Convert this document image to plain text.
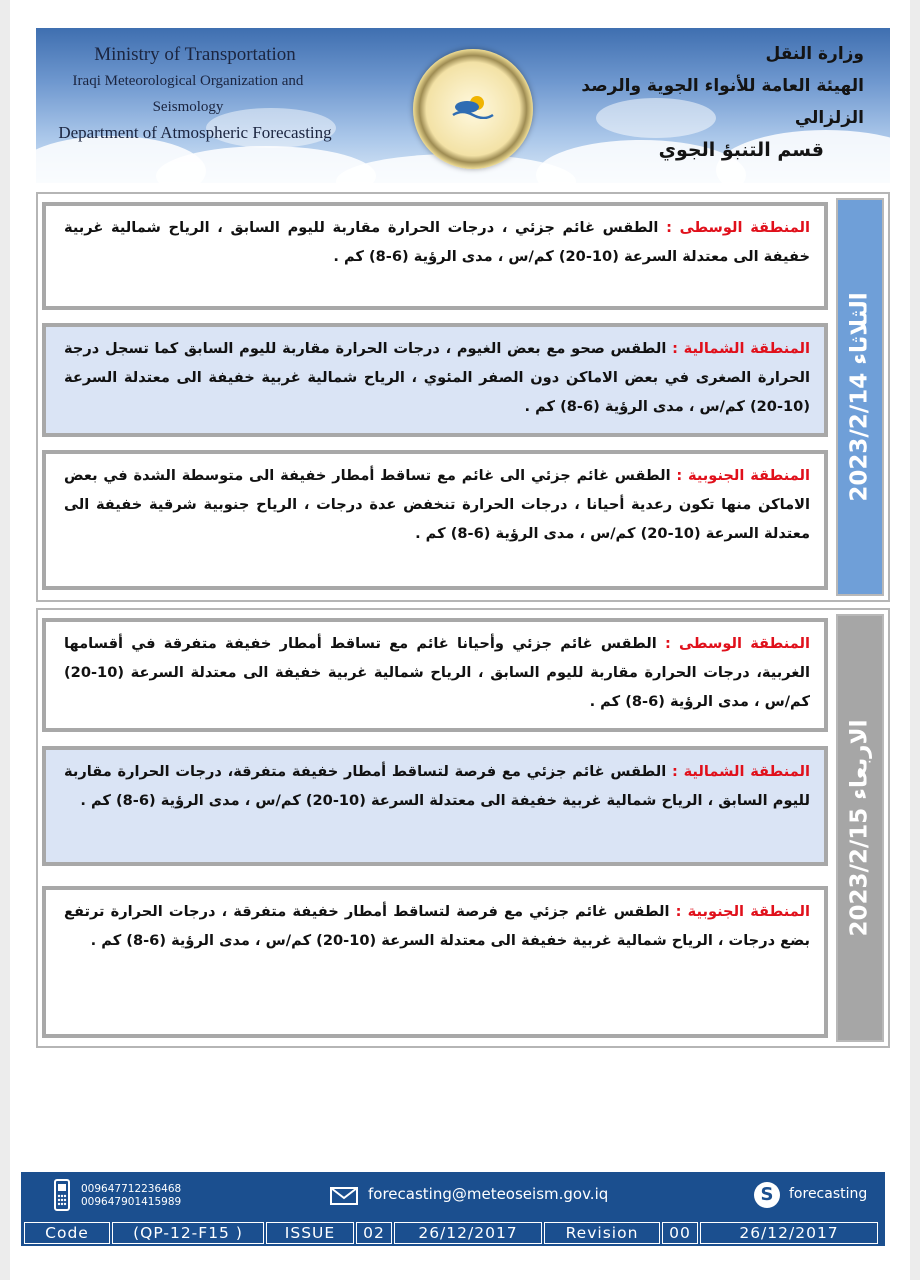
Ministry of Transportation
Iraqi Meteorological Organization and Seismology
Department of Atmospheric Forecasting
وزارة النقل
الهيئة العامة للأنواء الجوية والرصد الزلزالي
قسم التنبؤ الجوي
الثلاثاء 2023/2/14

المنطقة الوسطى : الطقس غائم جزئي ، درجات الحرارة مقاربة لليوم السابق ، الرياح شمالية غربية خفيفة الى معتدلة السرعة (10-20) كم/س ، مدى الرؤية (6-8) كم .

المنطقة الشمالية : الطقس صحو مع بعض الغيوم ، درجات الحرارة مقاربة لليوم السابق كما تسجل درجة الحرارة الصغرى في بعض الاماكن دون الصفر المئوي ، الرياح شمالية غربية خفيفة الى معتدلة السرعة (10-20) كم/س ، مدى الرؤية (6-8) كم .

المنطقة الجنوبية : الطقس غائم جزئي الى غائم مع تساقط أمطار خفيفة الى متوسطة الشدة في بعض الاماكن منها تكون رعدية أحيانا ، درجات الحرارة تنخفض عدة درجات ، الرياح جنوبية شرقية خفيفة الى معتدلة السرعة (10-20) كم/س ، مدى الرؤية (6-8) كم .

الاربعاء 2023/2/15

المنطقة الوسطى : الطقس غائم جزئي وأحيانا غائم مع تساقط أمطار خفيفة متفرقة في أقسامها الغربية، درجات الحرارة مقاربة لليوم السابق ، الرياح شمالية غربية خفيفة الى معتدلة السرعة (10-20) كم/س ، مدى الرؤية (6-8) كم .

المنطقة الشمالية : الطقس غائم جزئي مع فرصة لتساقط أمطار خفيفة متفرقة، درجات الحرارة مقاربة لليوم السابق ، الرياح شمالية غربية خفيفة الى معتدلة السرعة (10-20) كم/س ، مدى الرؤية (6-8) كم .

المنطقة الجنوبية : الطقس غائم جزئي مع فرصة لتساقط أمطار خفيفة متفرقة ، درجات الحرارة ترتفع بضع درجات ، الرياح شمالية غربية خفيفة الى معتدلة السرعة (10-20) كم/س ، مدى الرؤية (6-8) كم .

009647712236468
009647901415989	forecasting@meteoseism.gov.iq	S	forecasting
Code	(QP-12-F15 )	ISSUE	02	26/12/2017	Revision	00	26/12/2017
